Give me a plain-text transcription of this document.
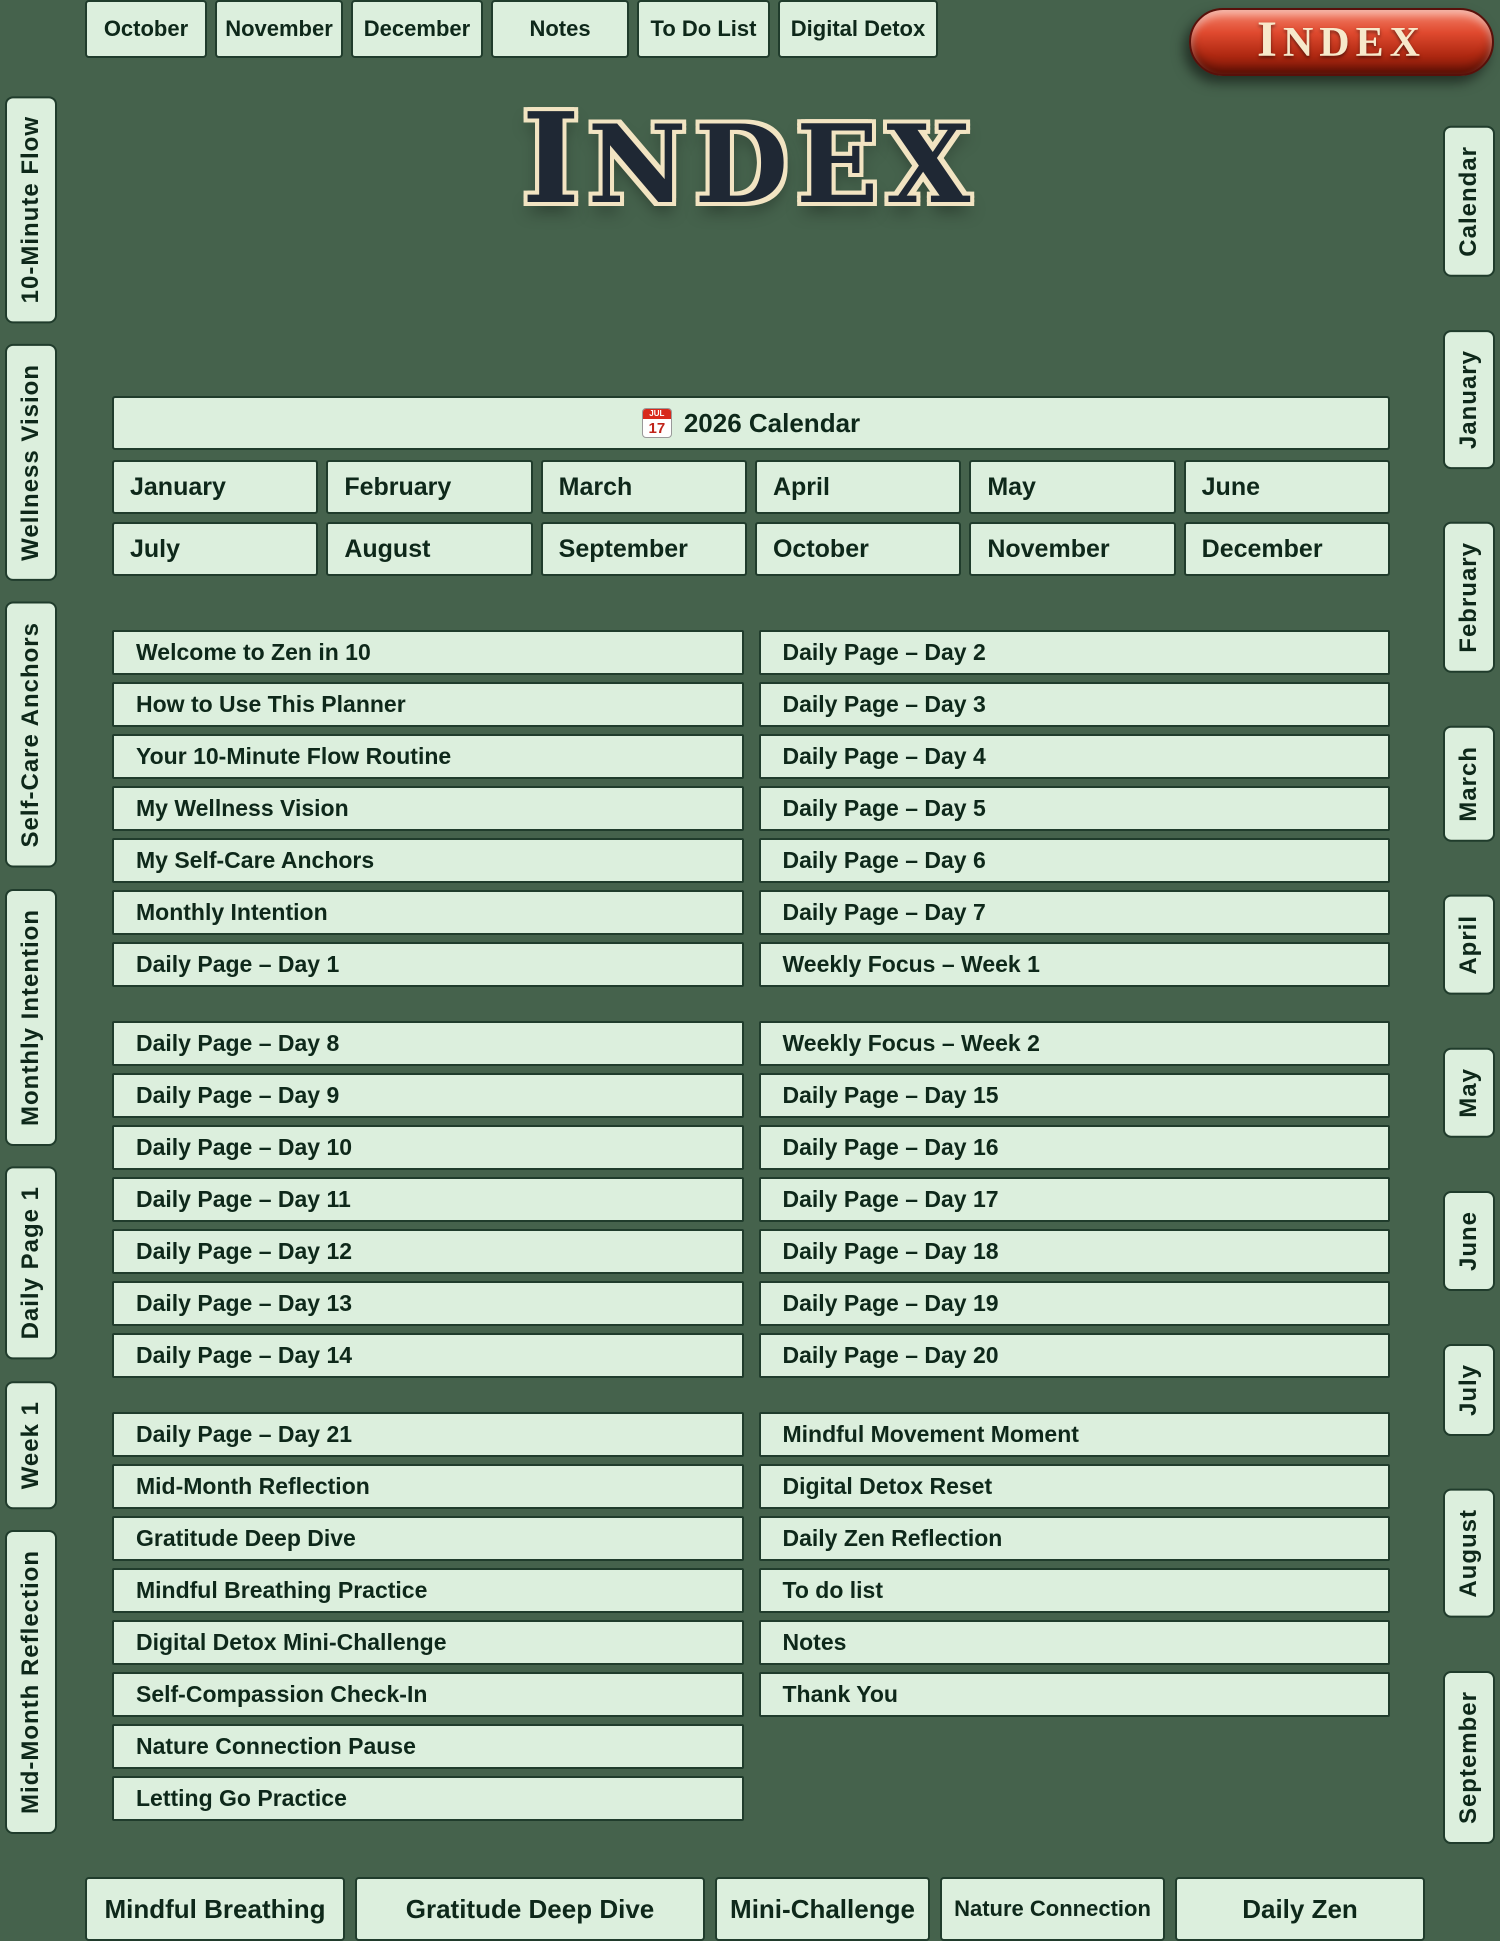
October	November	December	Notes	To Do List	Digital Detox	INDEX
INDEX
10-Minute Flow
Wellness Vision
Self-Care Anchors
Monthly Intention
Daily Page 1
Week 1
Mid-Month Reflection
Calendar
January
February
March
April
May
June
July
August
September
JUL
17 2026 Calendar
January	February	March	April	May	June
July	August	September	October	November	December
Welcome to Zen in 10
How to Use This Planner
Your 10-Minute Flow Routine
My Wellness Vision
My Self-Care Anchors
Monthly Intention
Daily Page – Day 1
Daily Page – Day 2
Daily Page – Day 3
Daily Page – Day 4
Daily Page – Day 5
Daily Page – Day 6
Daily Page – Day 7
Weekly Focus – Week 1
Daily Page – Day 8
Daily Page – Day 9
Daily Page – Day 10
Daily Page – Day 11
Daily Page – Day 12
Daily Page – Day 13
Daily Page – Day 14
Weekly Focus – Week 2
Daily Page – Day 15
Daily Page – Day 16
Daily Page – Day 17
Daily Page – Day 18
Daily Page – Day 19
Daily Page – Day 20
Daily Page – Day 21
Mid-Month Reflection
Gratitude Deep Dive
Mindful Breathing Practice
Digital Detox Mini-Challenge
Self-Compassion Check-In
Nature Connection Pause
Letting Go Practice
Mindful Movement Moment
Digital Detox Reset
Daily Zen Reflection
To do list
Notes
Thank You
Mindful Breathing	Gratitude Deep Dive	Mini-Challenge	Nature Connection	Daily Zen
